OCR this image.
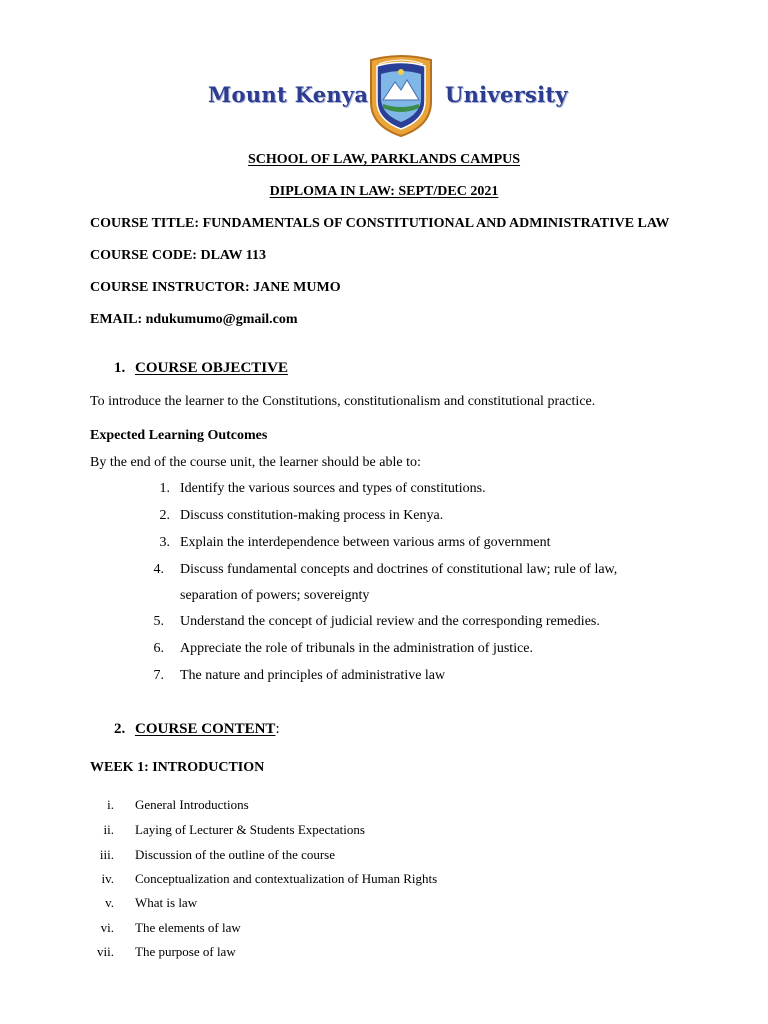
Mount Kenya	University
SCHOOL OF LAW, PARKLANDS CAMPUS
DIPLOMA IN LAW: SEPT/DEC 2021
COURSE TITLE: FUNDAMENTALS OF CONSTITUTIONAL AND ADMINISTRATIVE LAW
COURSE CODE: DLAW 113
COURSE INSTRUCTOR: JANE MUMO
EMAIL: ndukumumo@gmail.com
1. COURSE OBJECTIVE
To introduce the learner to the Constitutions, constitutionalism and constitutional practice.
Expected Learning Outcomes
By the end of the course unit, the learner should be able to:
1. Identify the various sources and types of constitutions.
2. Discuss constitution-making process in Kenya.
3. Explain the interdependence between various arms of government
4. Discuss fundamental concepts and doctrines of constitutional law; rule of law,
separation of powers; sovereignty
5. Understand the concept of judicial review and the corresponding remedies.
6. Appreciate the role of tribunals in the administration of justice.
7. The nature and principles of administrative law
2. COURSE CONTENT:
WEEK 1: INTRODUCTION
i. General Introductions
ii. Laying of Lecturer & Students Expectations
iii. Discussion of the outline of the course
iv. Conceptualization and contextualization of Human Rights
v. What is law
vi. The elements of law
vii. The purpose of law
